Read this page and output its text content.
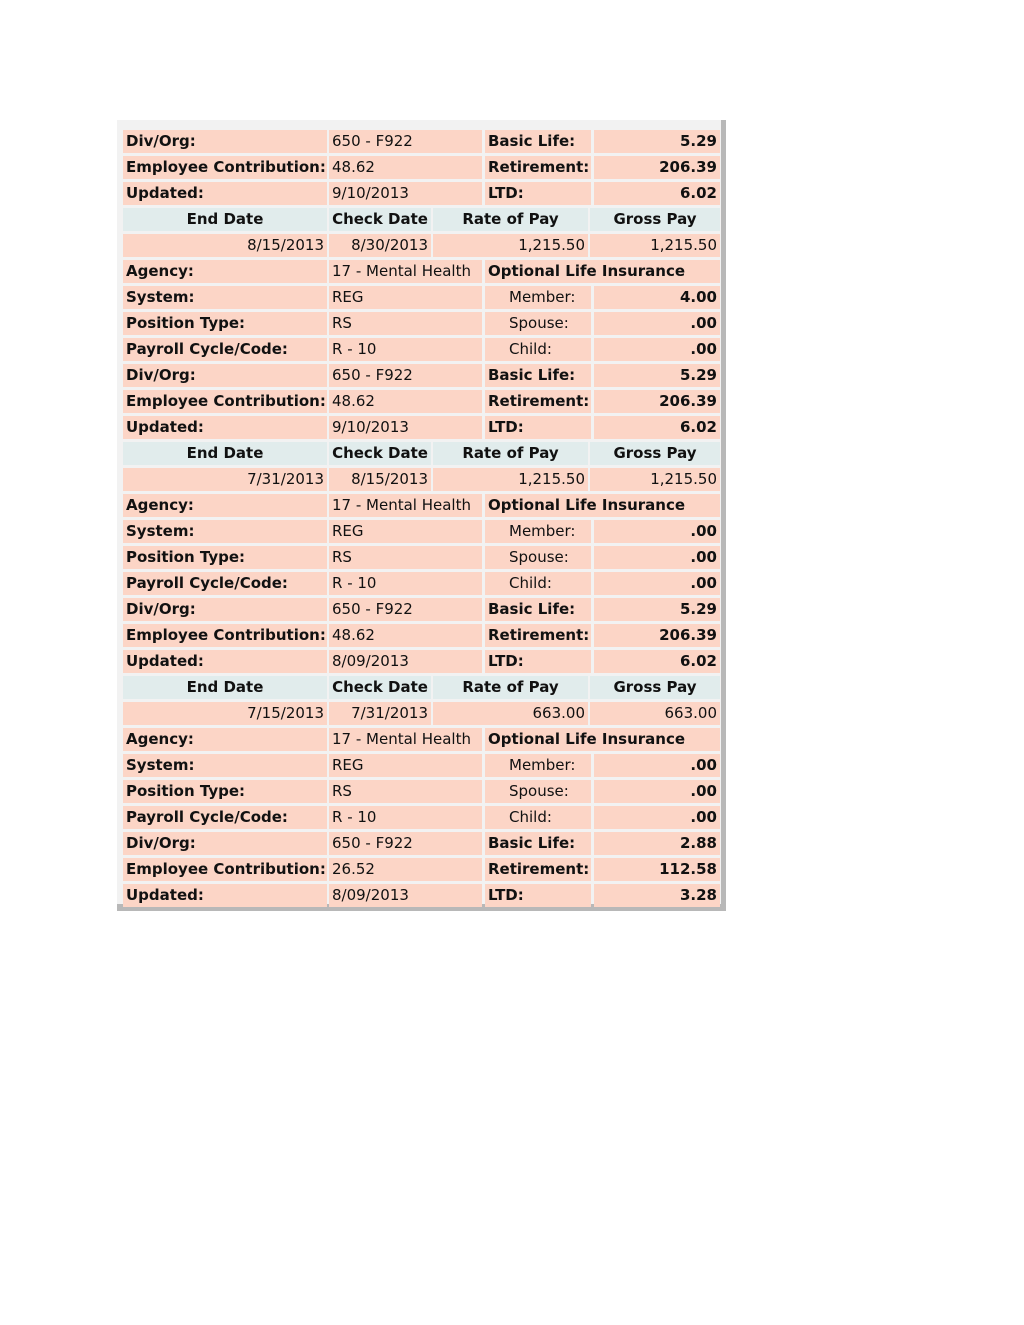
Div/Org:	650 - F922	Basic Life:	5.29
Employee Contribution: 48.62	Retirement:	206.39
Updated:	9/10/2013	LTD:	6.02
End Date	Check Date	Rate of Pay	Gross Pay
8/15/2013	8/30/2013	1,215.50	1,215.50
Agency:	17 - Mental Health	Optional Life Insurance
System:	REG	Member:	4.00
Position Type:	RS	Spouse:	.00
Payroll Cycle/Code:	R - 10	Child:	.00
Div/Org:	650 - F922	Basic Life:	5.29
Employee Contribution: 48.62	Retirement:	206.39
Updated:	9/10/2013	LTD:	6.02
End Date	Check Date	Rate of Pay	Gross Pay
7/31/2013	8/15/2013	1,215.50	1,215.50
Agency:	17 - Mental Health	Optional Life Insurance
System:	REG	Member:	.00
Position Type:	RS	Spouse:	.00
Payroll Cycle/Code:	R - 10	Child:	.00
Div/Org:	650 - F922	Basic Life:	5.29
Employee Contribution: 48.62	Retirement:	206.39
Updated:	8/09/2013	LTD:	6.02
End Date	Check Date	Rate of Pay	Gross Pay
7/15/2013	7/31/2013	663.00	663.00
Agency:	17 - Mental Health	Optional Life Insurance
System:	REG	Member:	.00
Position Type:	RS	Spouse:	.00
Payroll Cycle/Code:	R - 10	Child:	.00
Div/Org:	650 - F922	Basic Life:	2.88
Employee Contribution: 26.52	Retirement:	112.58
Updated:	8/09/2013	LTD:	3.28
